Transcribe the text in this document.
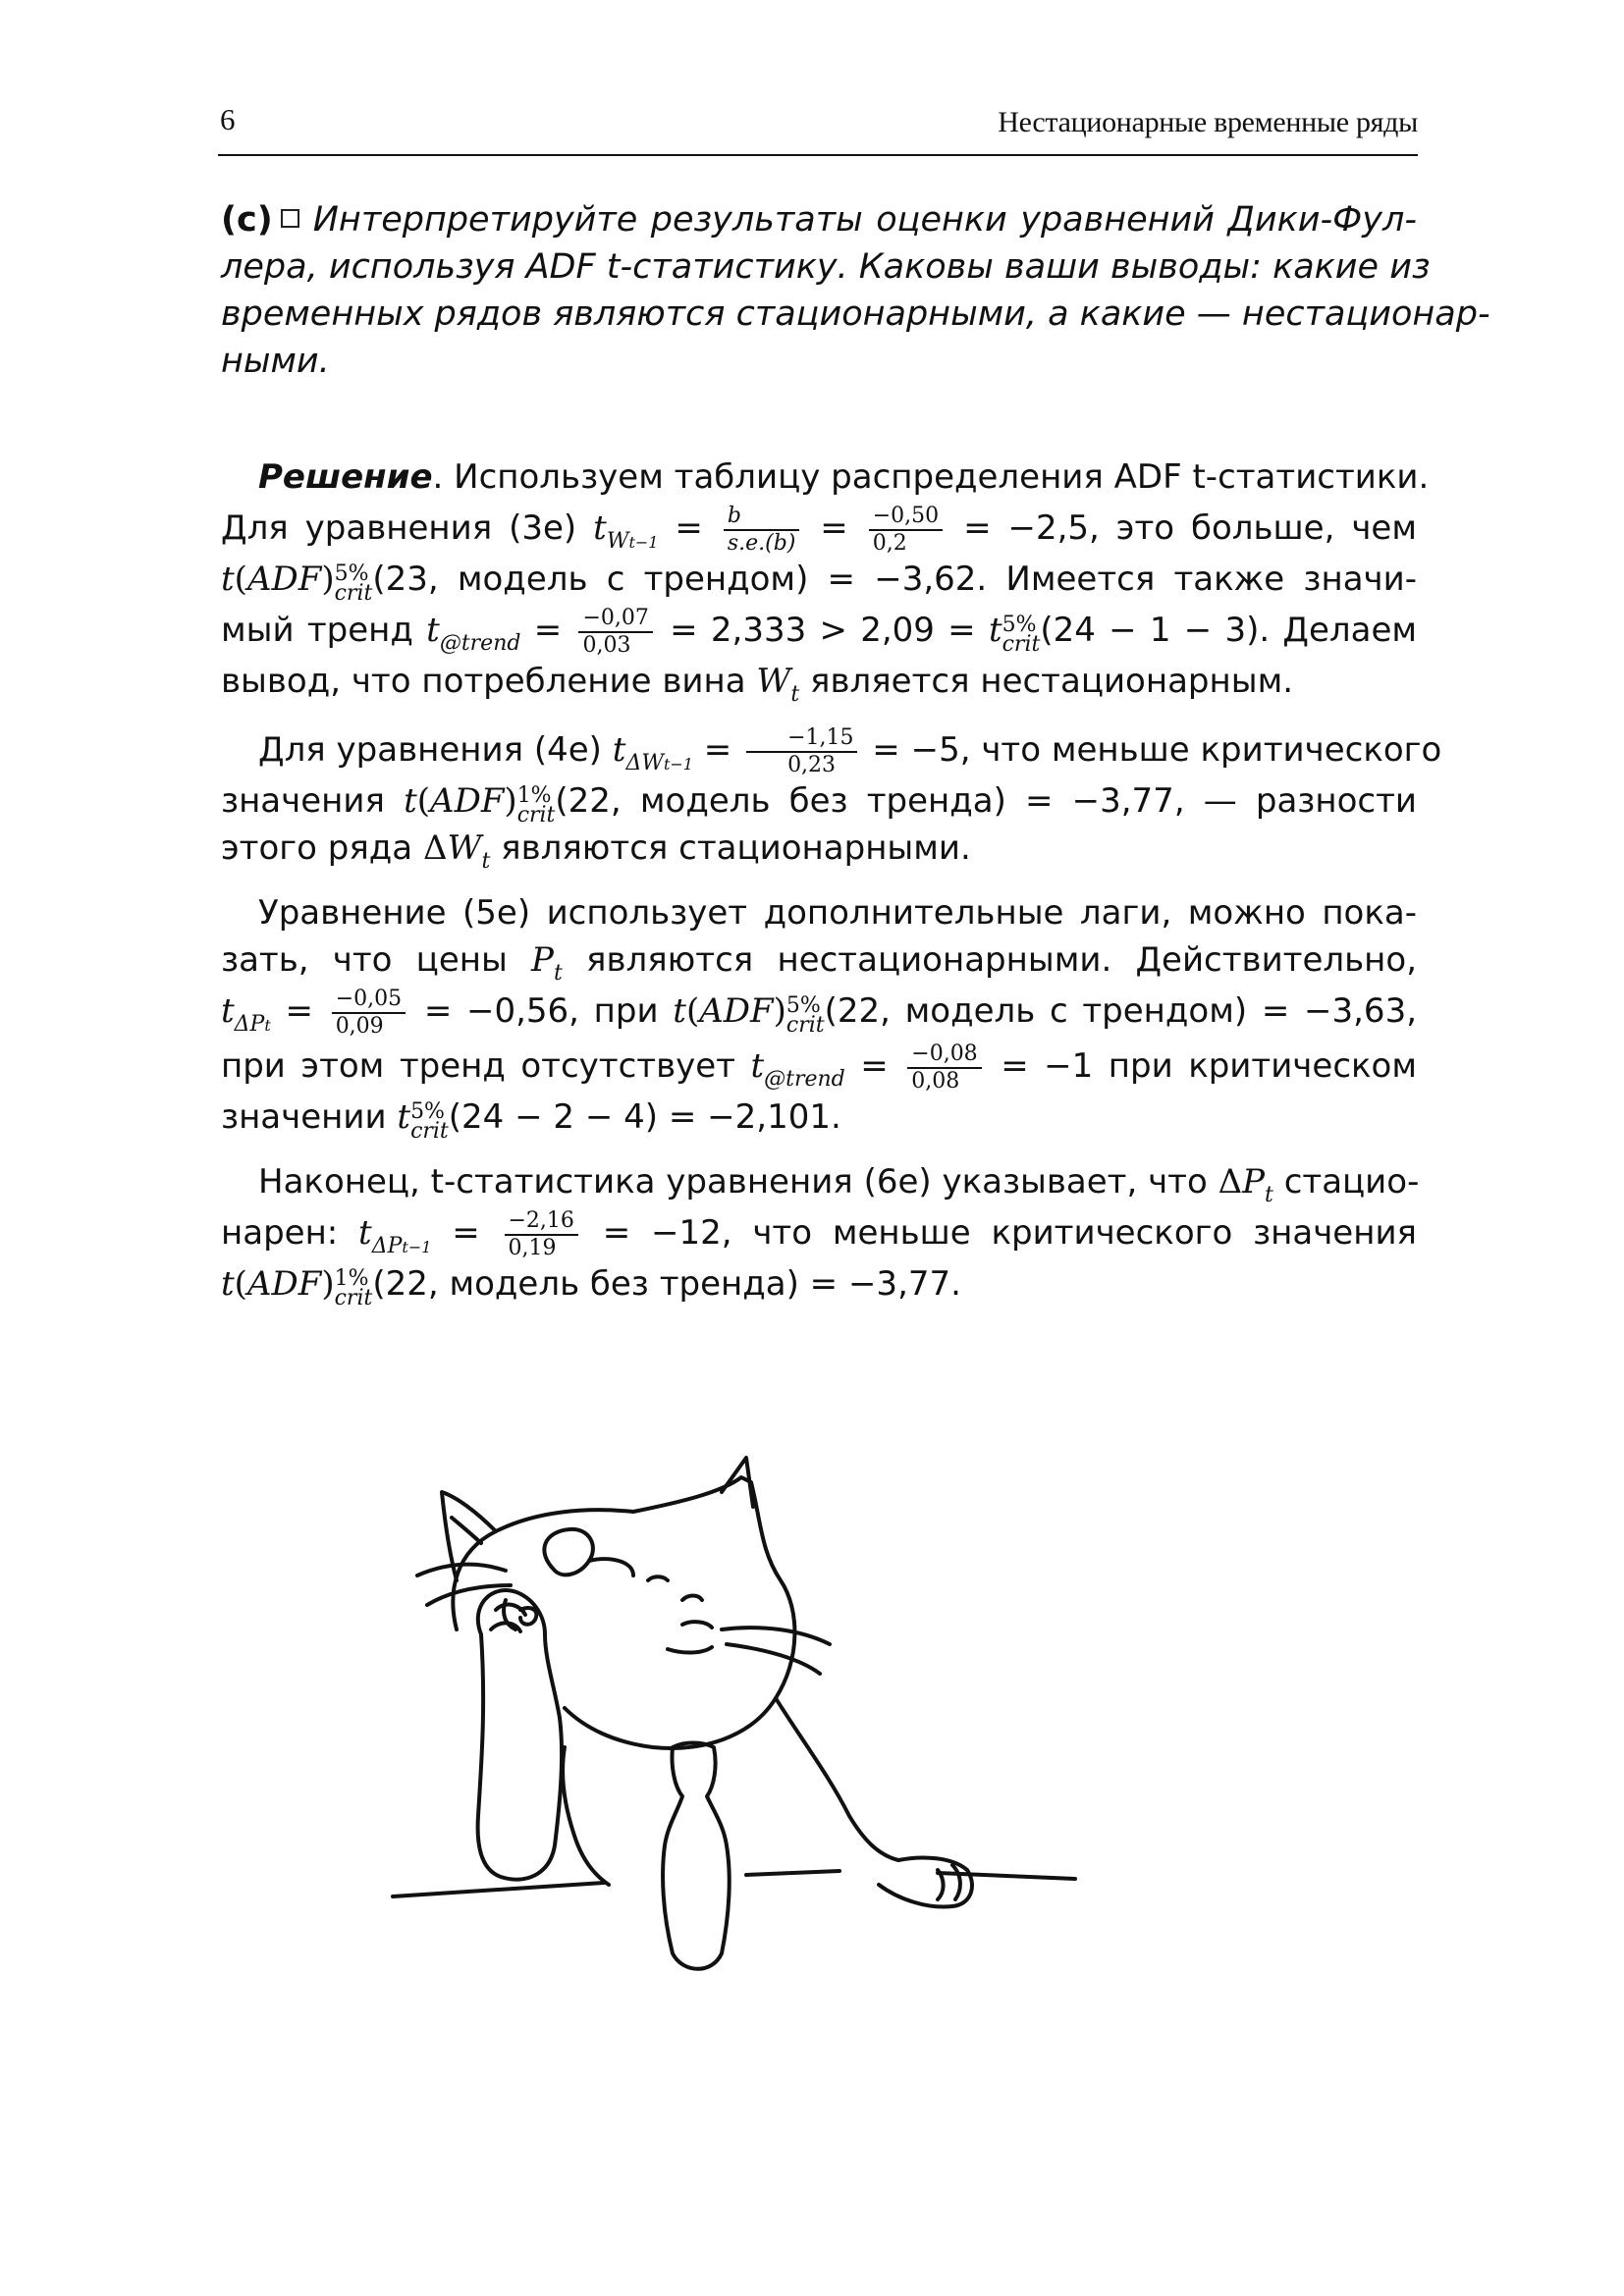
6	Нестационарные временные ряды
(c) Интерпретируйте результаты оценки уравнений Дики-Фул-
лера, используя ADF t-статистику. Каковы ваши выводы: какие из
временных рядов являются стационарными, а какие — нестационар-
ными.
Решение. Используем таблицу распределения ADF t-статистики.
Для уравнения (3e) $t_{Wt-1} = \frac{b}{s.e.(b)} = \frac{-0,50}{0,2} = -2,5$, это больше, чем
t(ADF) 5%
crit (23, модель с трендом) = −3,62. Имеется также значи-
мый тренд $t_{@trend} = \frac{-0,07}{0,03} = 2,333 > 2,09 = t$ 5%
crit (24 − 1 − 3). Делаем
вывод, что потребление вина $W_t$ является нестационарным.
Для уравнения (4e) $t_{\Delta Wt-1} = \frac{-1,15}{0,23} = -5$, что меньше критического
значения t(ADF) 1%
crit (22, модель без тренда) = −3,77, — разности
этого ряда $\Delta W_t$ являются стационарными.
Уравнение (5e) использует дополнительные лаги, можно пока-
зать, что цены $P_t$ являются нестационарными. Действительно,
$t_{\Delta Pt} = \frac{-0,05}{0,09} = -0,56$, при t(ADF) 5%
crit (22, модель с трендом) = −3,63,
при этом тренд отсутствует $t_{@trend} = \frac{-0,08}{0,08} = -1$ при критическом
значении t 5%
crit (24 − 2 − 4) = −2,101.
Наконец, t-статистика уравнения (6e) указывает, что $\Delta P_t$ стацио-
нарен: $t_{\Delta Pt-1} = \frac{-2,16}{0,19} = -12$, что меньше критического значения
t(ADF) 1%
crit (22, модель без тренда) = −3,77.
